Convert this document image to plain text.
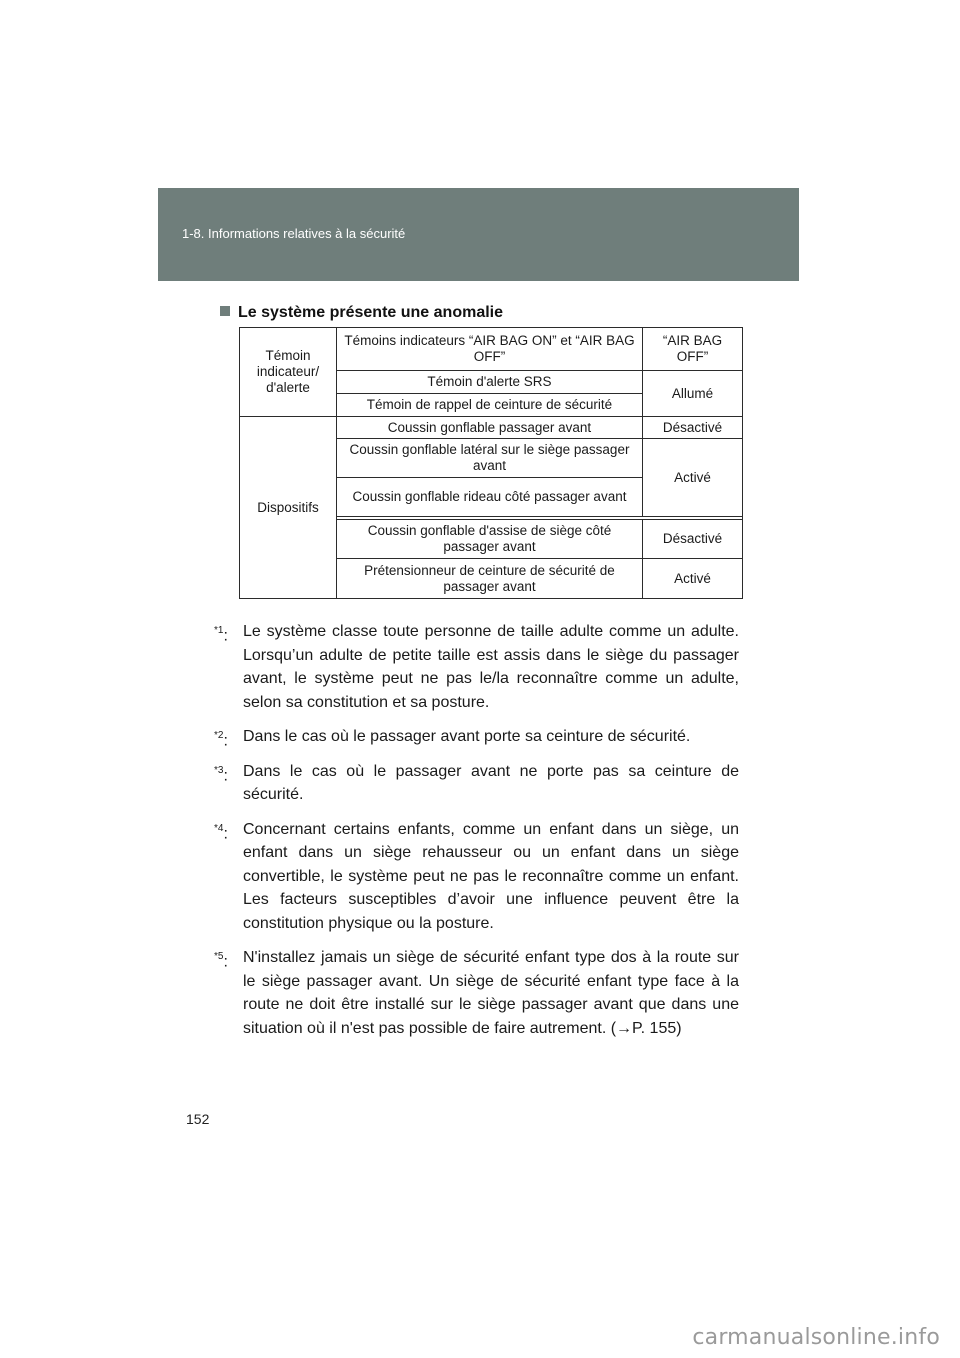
1-8. Informations relatives à la sécurité
Le système présente une anomalie
Témoin indicateur/ d'alerte	Témoins indicateurs “AIR BAG ON” et “AIR BAG OFF”	“AIR BAG OFF”
	Témoin d'alerte SRS	Allumé
	Témoin de rappel de ceinture de sécurité	
Dispositifs	Coussin gonflable passager avant	Désactivé
	Coussin gonflable latéral sur le siège passager avant	Activé
	Coussin gonflable rideau côté passager avant	

	Coussin gonflable d'assise de siège côté passager avant	Désactivé
	Prétensionneur de ceinture de sécurité de passager avant	Activé
$^{*1}$: Le système classe toute personne de taille adulte comme un adulte. Lorsqu’un adulte de petite taille est assis dans le siège du passager avant, le système peut ne pas le/la reconnaître comme un adulte, selon sa constitution et sa posture.
$^{*2}$: Dans le cas où le passager avant porte sa ceinture de sécurité.
$^{*3}$: Dans le cas où le passager avant ne porte pas sa ceinture de sécurité.
$^{*4}$: Concernant certains enfants, comme un enfant dans un siège, un enfant dans un siège rehausseur ou un enfant dans un siège convertible, le système peut ne pas le reconnaître comme un enfant. Les facteurs susceptibles d’avoir une influence peuvent être la constitution physique ou la posture.
$^{*5}$: N'installez jamais un siège de sécurité enfant type dos à la route sur le siège passager avant. Un siège de sécurité enfant type face à la route ne doit être installé sur le siège passager avant que dans une situation où il n'est pas possible de faire autrement. (→P. 155)
152
carmanualsonline.info
